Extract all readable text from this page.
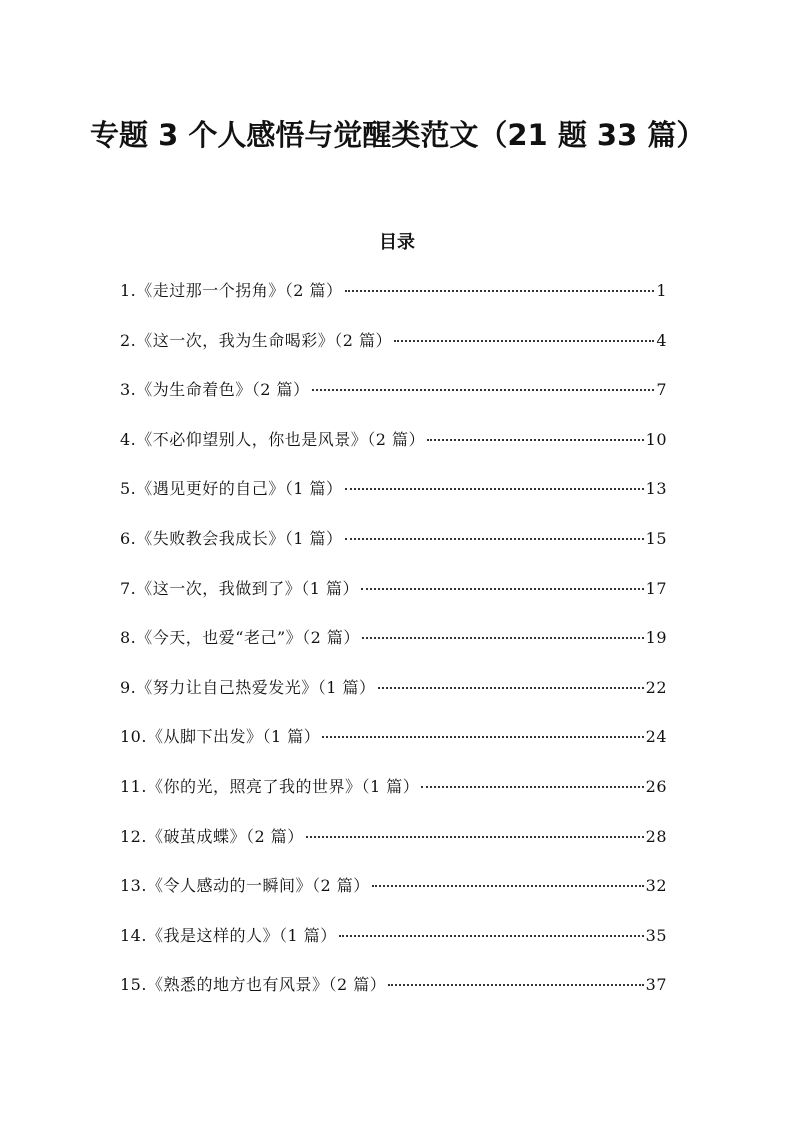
专题 3 个人感悟与觉醒类范文（21 题 33 篇）
目录
1. 《走过那一个拐角》（2 篇）	1
2. 《这一次，我为生命喝彩》（2 篇）	4
3. 《为生命着色》（2 篇）	7
4. 《不必仰望别人，你也是风景》（2 篇）	10
5. 《遇见更好的自己》（1 篇）	13
6. 《失败教会我成长》（1 篇）	15
7. 《这一次，我做到了》（1 篇）	17
8. 《今天，也爱“老己”》（2 篇）	19
9. 《努力让自己热爱发光》（1 篇）	22
10. 《从脚下出发》（1 篇）	24
11. 《你的光，照亮了我的世界》（1 篇）	26
12. 《破茧成蝶》（2 篇）	28
13. 《令人感动的一瞬间》（2 篇）	32
14. 《我是这样的人》（1 篇）	35
15. 《熟悉的地方也有风景》（2 篇）	37
